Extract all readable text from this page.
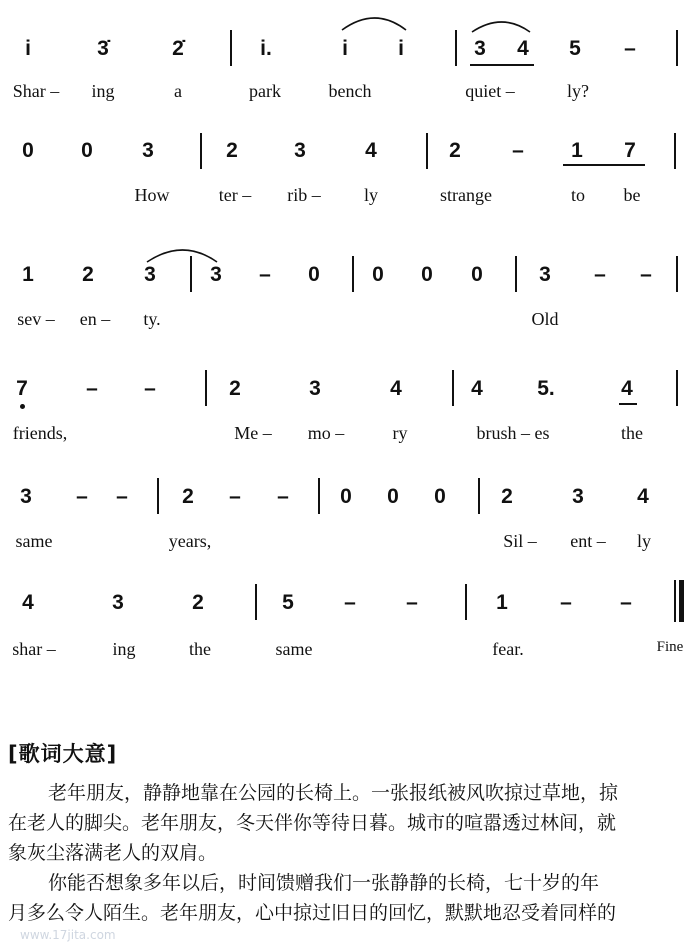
i	3̇	2̇	i.	i i	3 4 5 –
Shar – ing	a	park	bench	quiet –	ly?
0 0 3	2	3	4	2 – 1 7
How	ter – rib – ly	strange	to be
1 2 3	3 – 0 0 0 0	3 – –
sev – en – ty.	Old
7	– –	2	3	4	4	5.	4
friends,	Me – mo –	ry	brush – es	the
3 – –	2 – – 0 0 0	2	3	4
same	years,	Sil – ent – ly
4	3	2	5 – –	1 – –
shar –	ing	the	same	fear.	Fine
[歌词大意]
老年朋友，静静地靠在公园的长椅上。一张报纸被风吹掠过草地，掠
在老人的脚尖。老年朋友，冬天伴你等待日暮。城市的喧嚣透过林间，就
象灰尘落满老人的双肩。
你能否想象多年以后，时间馈赠我们一张静静的长椅，七十岁的年
月多么令人陌生。老年朋友，心中掠过旧日的回忆，默默地忍受着同样的
www.17jita.com
